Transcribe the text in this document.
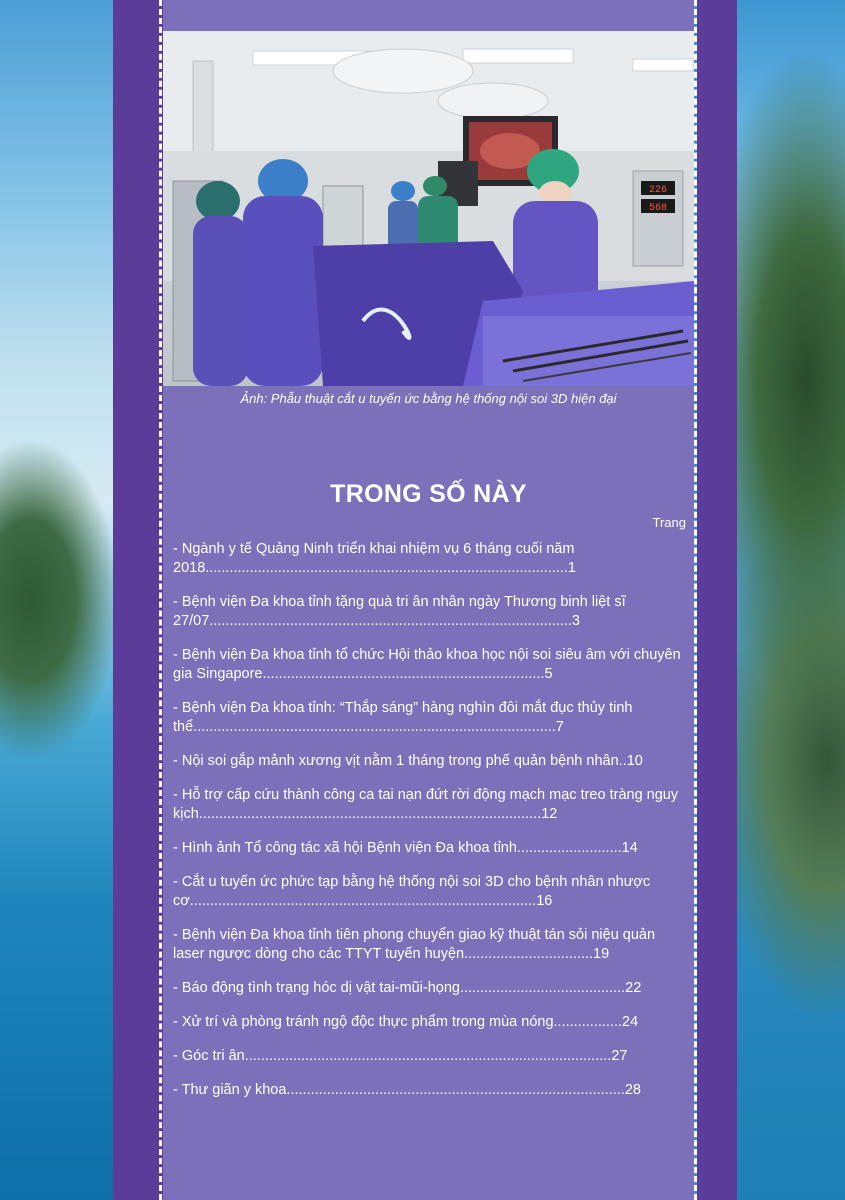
226
568
Ảnh: Phẫu thuật cắt u tuyến ức bằng hệ thống nội soi 3D hiện đại
TRONG SỐ NÀY
Trang
- Ngành y tế Quảng Ninh triển khai nhiệm vụ 6 tháng cuối năm 2018..........................................................................................1
- Bệnh viện Đa khoa tỉnh tặng quà tri ân nhân ngày Thương binh liệt sĩ 27/07..........................................................................................3
- Bệnh viện Đa khoa tỉnh tổ chức Hội thảo khoa học nội soi siêu âm với chuyên gia Singapore......................................................................5
- Bệnh viện Đa khoa tỉnh: “Thắp sáng” hàng nghìn đôi mắt đục thủy tinh thể..........................................................................................7
- Nội soi gắp mảnh xương vịt nằm 1 tháng trong phế quản bệnh nhân..10
- Hỗ trợ cấp cứu thành công ca tai nạn đứt rời động mạch mạc treo tràng nguy kịch.....................................................................................12
- Hình ảnh Tổ công tác xã hội Bệnh viện Đa khoa tỉnh..........................14
- Cắt u tuyến ức phức tạp bằng hệ thống nội soi 3D cho bệnh nhân nhược cơ......................................................................................16
- Bệnh viện Đa khoa tỉnh tiên phong chuyển giao kỹ thuật tán sỏi niệu quản laser ngược dòng cho các TTYT tuyến huyện................................19
- Báo động tình trạng hóc dị vật tai-mũi-họng.........................................22
- Xử trí và phòng tránh ngộ độc thực phẩm trong mùa nóng.................24
- Góc tri ân...........................................................................................27
- Thư giãn y khoa....................................................................................28
